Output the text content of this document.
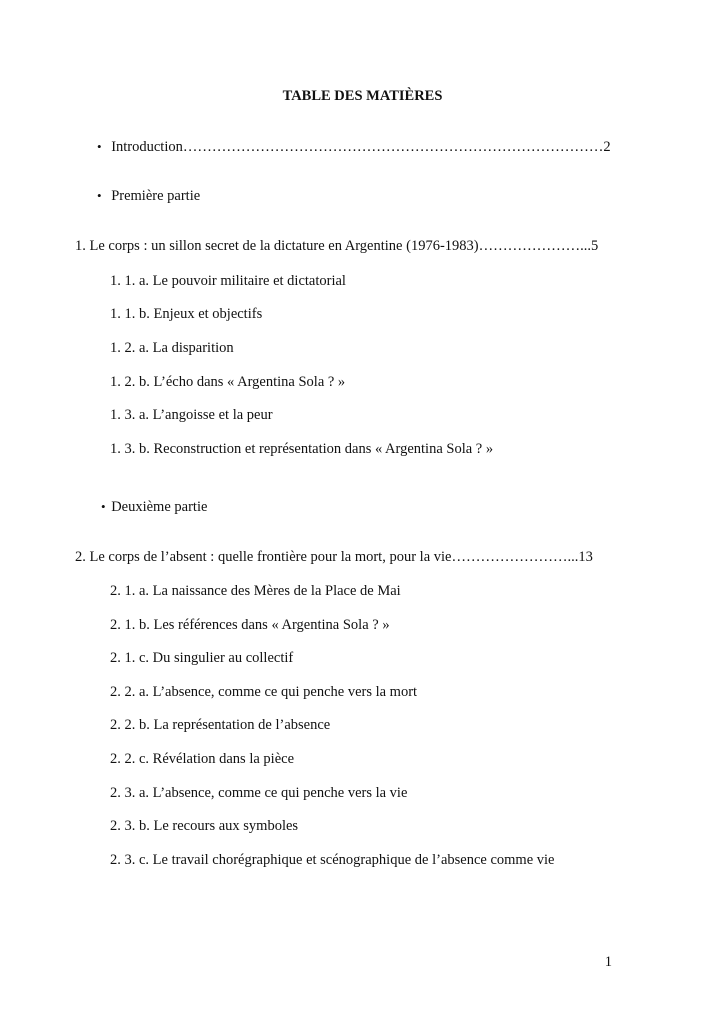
TABLE DES MATIÈRES
• Introduction……………………………………………………………………………2
• Première partie
1. Le corps : un sillon secret de la dictature en Argentine (1976-1983)…………………...5
1. 1. a. Le pouvoir militaire et dictatorial
1. 1. b. Enjeux et objectifs
1. 2. a. La disparition
1. 2. b. L’écho dans « Argentina Sola ? »
1. 3. a. L’angoisse et la peur
1. 3. b. Reconstruction et représentation dans « Argentina Sola ? »
• Deuxième partie
2. Le corps de l’absent : quelle frontière pour la mort, pour la vie……………………...13
2. 1. a. La naissance des Mères de la Place de Mai
2. 1. b. Les références dans « Argentina Sola ? »
2. 1. c. Du singulier au collectif
2. 2. a. L’absence, comme ce qui penche vers la mort
2. 2. b. La représentation de l’absence
2. 2. c. Révélation dans la pièce
2. 3. a. L’absence, comme ce qui penche vers la vie
2. 3. b. Le recours aux symboles
2. 3. c. Le travail chorégraphique et scénographique de l’absence comme vie
1
